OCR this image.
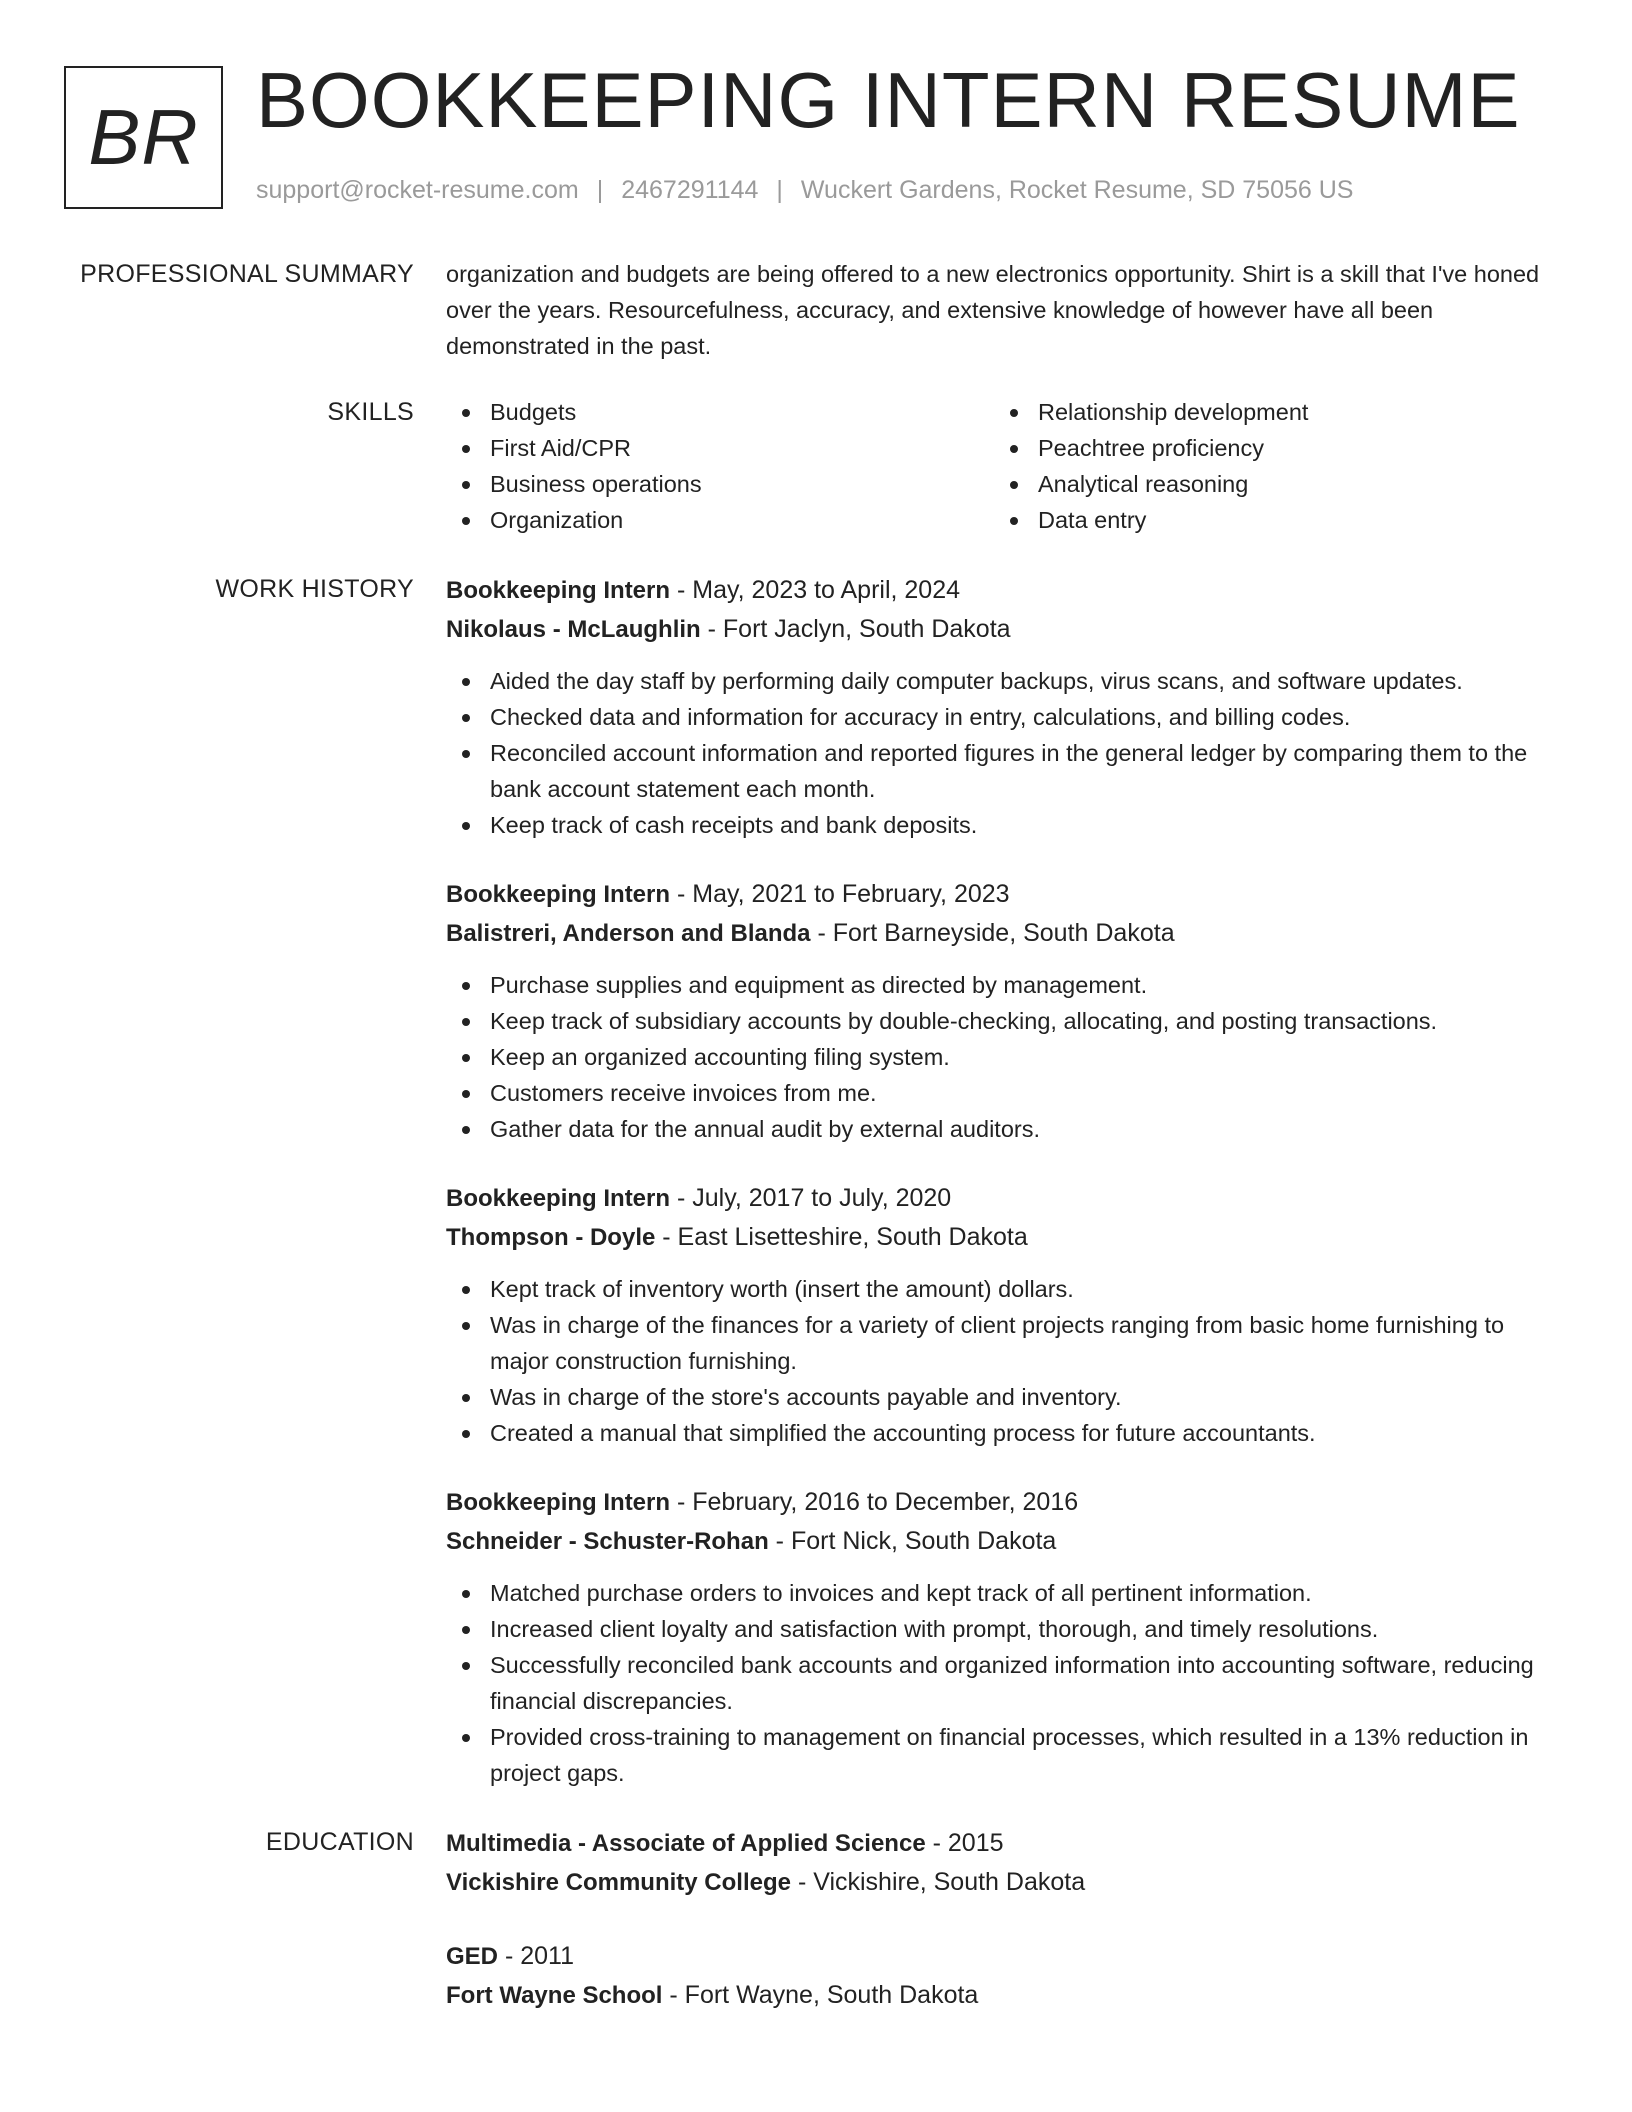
BR BOOKKEEPING INTERN RESUME
support@rocket-resume.com | 2467291144 | Wuckert Gardens, Rocket Resume, SD 75056 US
PROFESSIONAL SUMMARY organization and budgets are being offered to a new electronics opportunity. Shirt is a skill that I've honed over the years. Resourcefulness, accuracy, and extensive knowledge of however have all been demonstrated in the past.
SKILLS	Budgets
First Aid/CPR
Business operations
Organization
Relationship development
Peachtree proficiency
Analytical reasoning
Data entry
WORK HISTORY Bookkeeping Intern - May, 2023 to April, 2024
Nikolaus - McLaughlin - Fort Jaclyn, South Dakota
Aided the day staff by performing daily computer backups, virus scans, and software updates.
Checked data and information for accuracy in entry, calculations, and billing codes.
Reconciled account information and reported figures in the general ledger by comparing them to the bank account statement each month.
Keep track of cash receipts and bank deposits.
Bookkeeping Intern - May, 2021 to February, 2023
Balistreri, Anderson and Blanda - Fort Barneyside, South Dakota
Purchase supplies and equipment as directed by management.
Keep track of subsidiary accounts by double-checking, allocating, and posting transactions.
Keep an organized accounting filing system.
Customers receive invoices from me.
Gather data for the annual audit by external auditors.
Bookkeeping Intern - July, 2017 to July, 2020
Thompson - Doyle - East Lisetteshire, South Dakota
Kept track of inventory worth (insert the amount) dollars.
Was in charge of the finances for a variety of client projects ranging from basic home furnishing to major construction furnishing.
Was in charge of the store's accounts payable and inventory.
Created a manual that simplified the accounting process for future accountants.
Bookkeeping Intern - February, 2016 to December, 2016
Schneider - Schuster-Rohan - Fort Nick, South Dakota
Matched purchase orders to invoices and kept track of all pertinent information.
Increased client loyalty and satisfaction with prompt, thorough, and timely resolutions.
Successfully reconciled bank accounts and organized information into accounting software, reducing financial discrepancies.
Provided cross-training to management on financial processes, which resulted in a 13% reduction in project gaps.
EDUCATION Multimedia - Associate of Applied Science - 2015
Vickishire Community College - Vickishire, South Dakota
GED - 2011
Fort Wayne School - Fort Wayne, South Dakota
